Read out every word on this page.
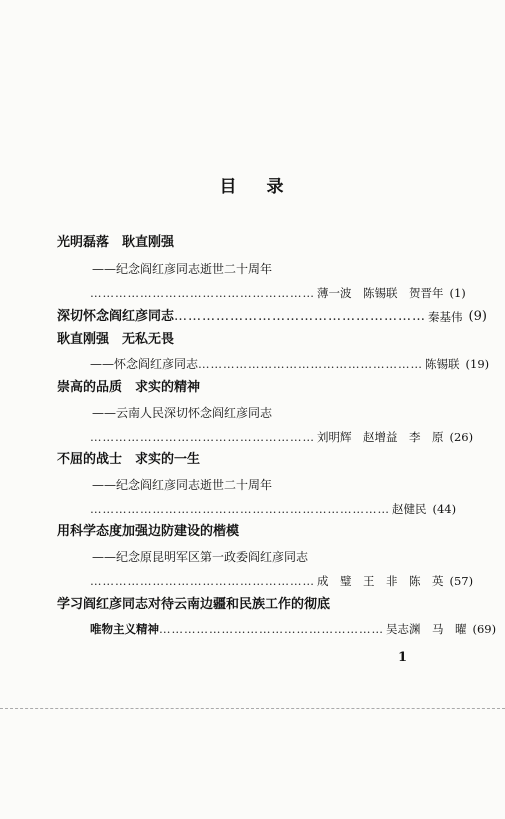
目 录
光明磊落　耿直刚强
——纪念阎红彦同志逝世二十周年
……………………………………………… 薄一波　陈锡联　贺晋年 (1)
深切怀念阎红彦同志 ……………………………………………… 秦基伟 (9)
耿直刚强　无私无畏
——怀念阎红彦同志 ……………………………………………… 陈锡联 (19)
崇高的品质　求实的精神
——云南人民深切怀念阎红彦同志
……………………………………………… 刘明辉　赵增益　李　原 (26)
不屈的战士　求实的一生
——纪念阎红彦同志逝世二十周年
……………………………………………………………… 赵健民 (44)
用科学态度加强边防建设的楷模
——纪念原昆明军区第一政委阎红彦同志
……………………………………………… 成　璧　王　非　陈　英 (57)
学习阎红彦同志对待云南边疆和民族工作的彻底
唯物主义精神 ……………………………………………… 吴志渊　马　曜 (69)
1
